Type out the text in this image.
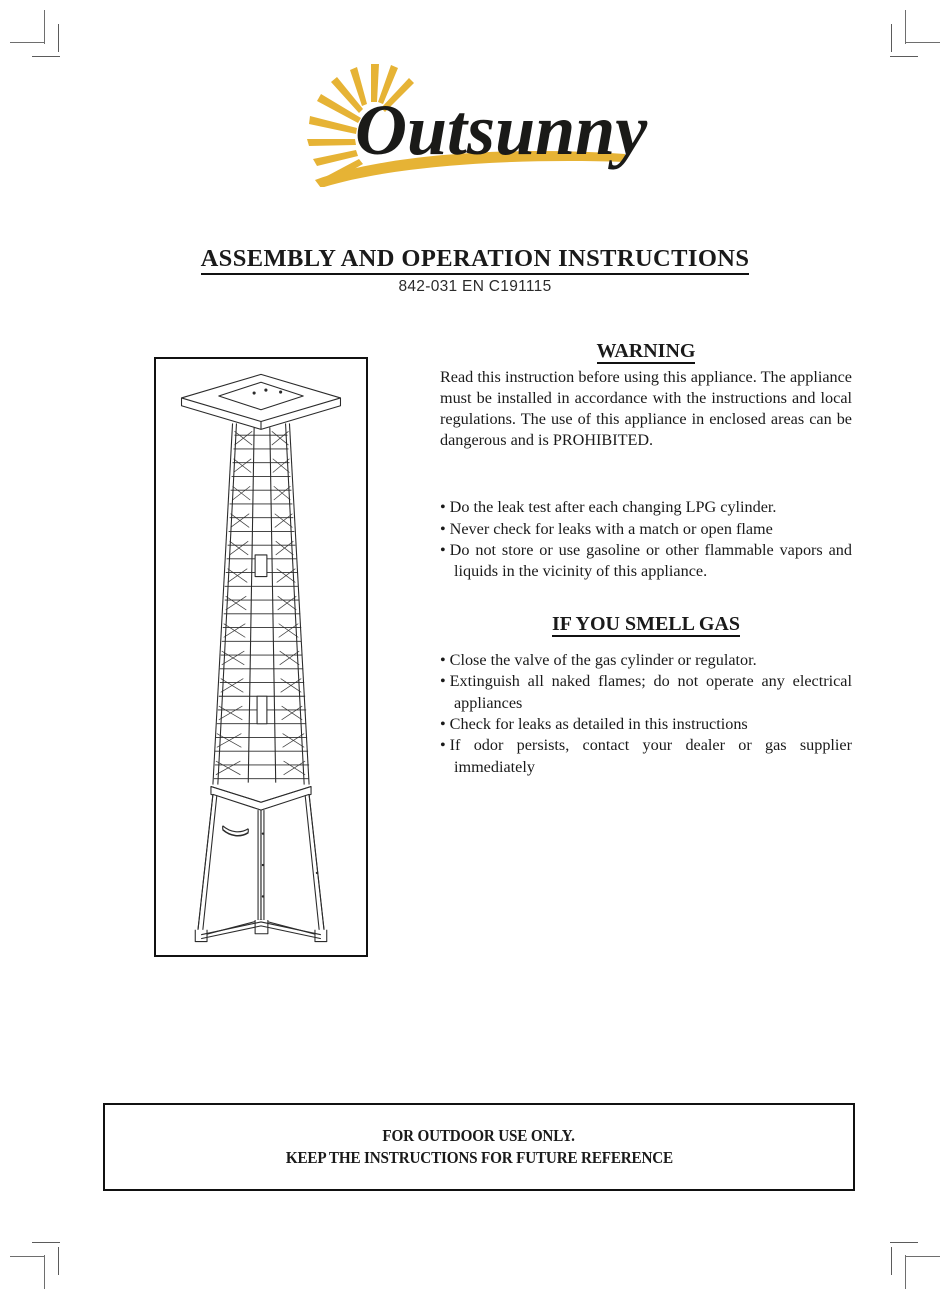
Outsunny
ASSEMBLY AND OPERATION INSTRUCTIONS
842-031 EN C191115
WARNING

Read this instruction before using this appliance. The appliance must be installed in accordance with the instructions and local regulations. The use of this appliance in enclosed areas can be dangerous and is PROHIBITED.

• Do the leak test after each changing LPG cylinder.
• Never check for leaks with a match or open flame
• Do not store or use gasoline or other flammable vapors and liquids in the vicinity of this appliance.
IF YOU SMELL GAS
• Close the valve of the gas cylinder or regulator.
• Extinguish all naked flames; do not operate any electrical appliances
• Check for leaks as detailed in this instructions
• If odor persists, contact your dealer or gas supplier immediately
FOR OUTDOOR USE ONLY.
KEEP THE INSTRUCTIONS FOR FUTURE REFERENCE
